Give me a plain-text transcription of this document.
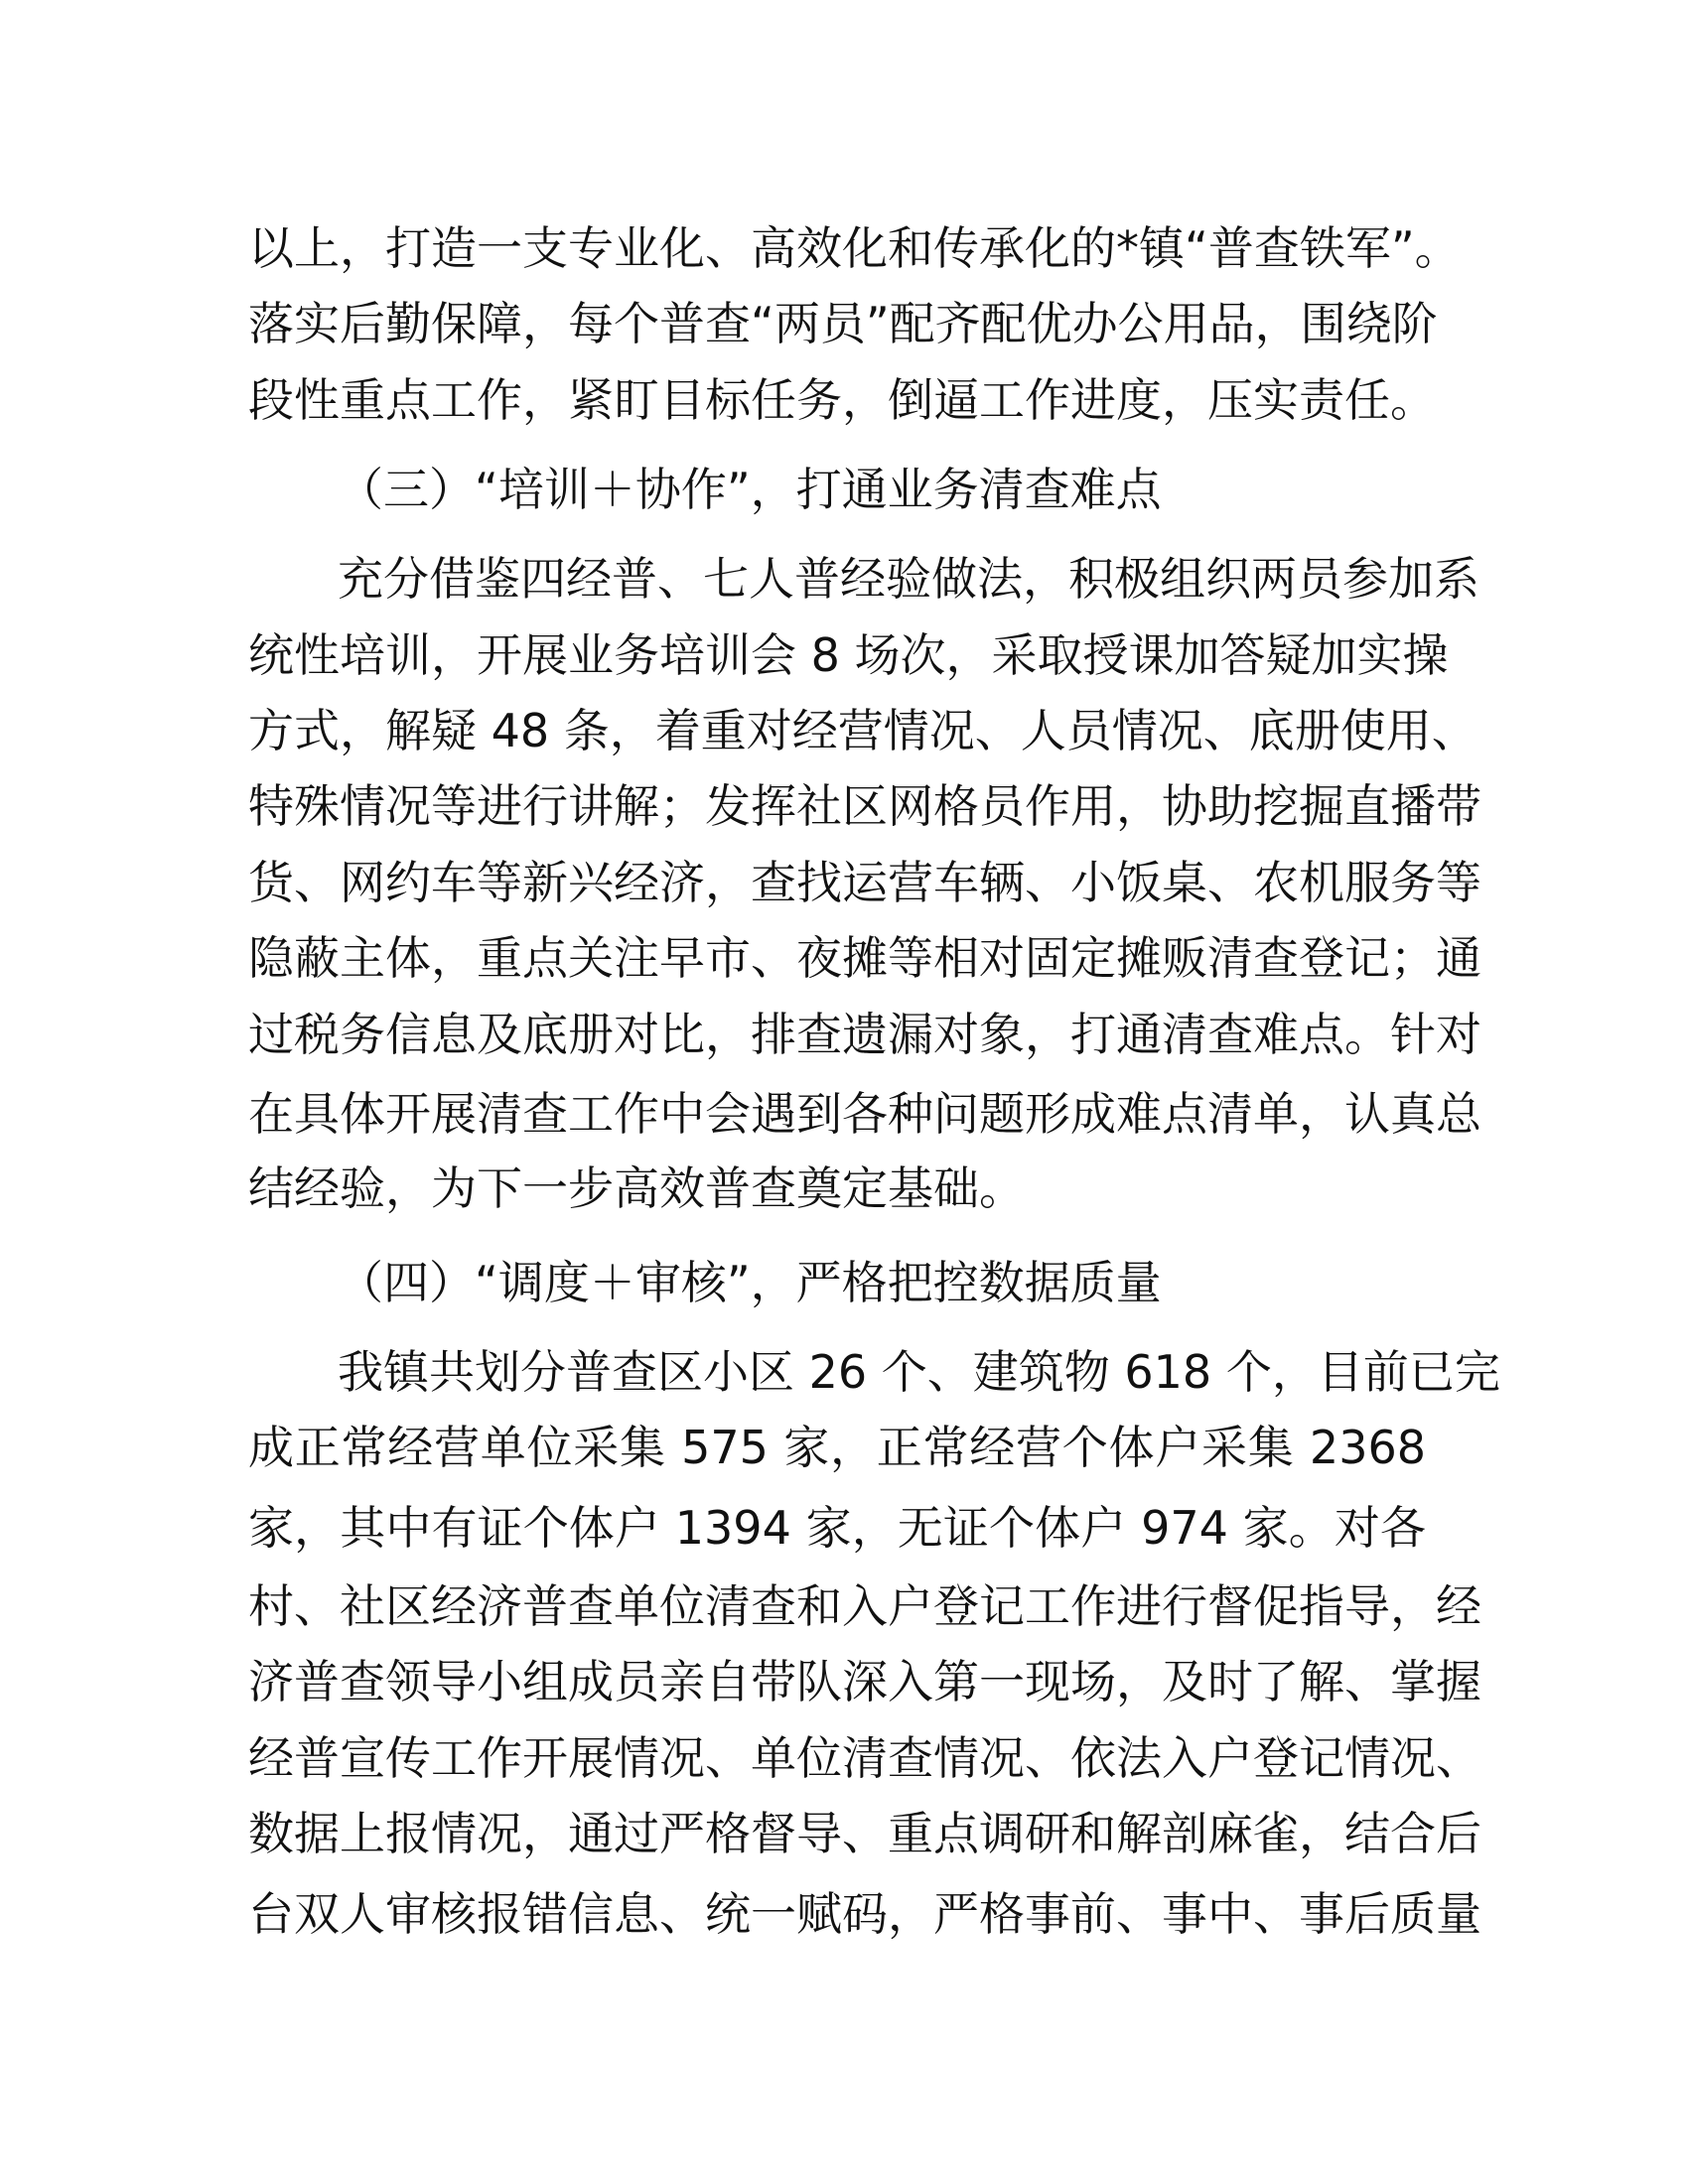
以上，打造一支专业化、高效化和传承化的*镇“普查铁军”。
落实后勤保障，每个普查“两员”配齐配优办公用品，围绕阶
段性重点工作，紧盯目标任务，倒逼工作进度，压实责任。
（三）“培训＋协作”，打通业务清查难点
充分借鉴四经普、七人普经验做法，积极组织两员参加系
统性培训，开展业务培训会 8 场次，采取授课加答疑加实操
方式，解疑 48 条，着重对经营情况、人员情况、底册使用、
特殊情况等进行讲解；发挥社区网格员作用，协助挖掘直播带
货、网约车等新兴经济，查找运营车辆、小饭桌、农机服务等
隐蔽主体，重点关注早市、夜摊等相对固定摊贩清查登记；通
过税务信息及底册对比，排查遗漏对象，打通清查难点。针对
在具体开展清查工作中会遇到各种问题形成难点清单，认真总
结经验，为下一步高效普查奠定基础。
（四）“调度＋审核”，严格把控数据质量
我镇共划分普查区小区 26 个、建筑物 618 个，目前已完
成正常经营单位采集 575 家，正常经营个体户采集 2368
家，其中有证个体户 1394 家，无证个体户 974 家。对各
村、社区经济普查单位清查和入户登记工作进行督促指导，经
济普查领导小组成员亲自带队深入第一现场，及时了解、掌握
经普宣传工作开展情况、单位清查情况、依法入户登记情况、
数据上报情况，通过严格督导、重点调研和解剖麻雀，结合后
台双人审核报错信息、统一赋码，严格事前、事中、事后质量
